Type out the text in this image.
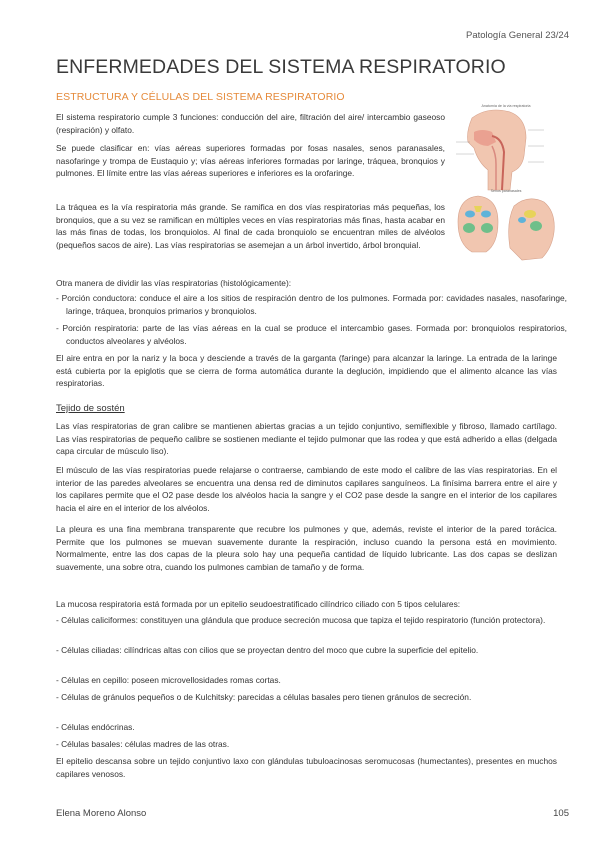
Patología General 23/24
ENFERMEDADES DEL SISTEMA RESPIRATORIO
ESTRUCTURA Y CÉLULAS DEL SISTEMA RESPIRATORIO
El sistema respiratorio cumple 3 funciones: conducción del aire, filtración del aire/ intercambio gaseoso (respiración) y olfato.
Se puede clasificar en: vías aéreas superiores formadas por fosas nasales, senos paranasales, nasofaringe y trompa de Eustaquio y; vías aéreas inferiores formadas por laringe, tráquea, bronquios y pulmones. El límite entre las vías aéreas superiores e inferiores es la orofaringe.
La tráquea es la vía respiratoria más grande. Se ramifica en dos vías respiratorias más pequeñas, los bronquios, que a su vez se ramifican en múltiples veces en vías respiratorias más finas, hasta acabar en las más finas de todas, los bronquiolos. Al final de cada bronquiolo se encuentran miles de alvéolos (pequeños sacos de aire). Las vías respiratorias se asemejan a un árbol invertido, árbol bronquial.
Otra manera de dividir las vías respiratorias (histológicamente):
- Porción conductora: conduce el aire a los sitios de respiración dentro de los pulmones. Formada por: cavidades nasales, nasofaringe, laringe, tráquea, bronquios primarios y bronquiolos.
- Porción respiratoria: parte de las vías aéreas en la cual se produce el intercambio gases. Formada por: bronquiolos respiratorios, conductos alveolares y alvéolos.
El aire entra en por la nariz y la boca y desciende a través de la garganta (faringe) para alcanzar la laringe. La entrada de la laringe está cubierta por la epiglotis que se cierra de forma automática durante la deglución, impidiendo que el alimento alcance las vías respiratorias.
Tejido de sostén
Las vías respiratorias de gran calibre se mantienen abiertas gracias a un tejido conjuntivo, semiflexible y fibroso, llamado cartílago. Las vías respiratorias de pequeño calibre se sostienen mediante el tejido pulmonar que las rodea y que está adherido a ellas (delgada capa circular de músculo liso).
El músculo de las vías respiratorias puede relajarse o contraerse, cambiando de este modo el calibre de las vías respiratorias. En el interior de las paredes alveolares se encuentra una densa red de diminutos capilares sanguíneos. La finísima barrera entre el aire y los capilares permite que el O2 pase desde los alvéolos hacia la sangre y el CO2 pase desde la sangre en el interior de los capilares hacia el aire en el interior de los alvéolos.
La pleura es una fina membrana transparente que recubre los pulmones y que, además, reviste el interior de la pared torácica. Permite que los pulmones se muevan suavemente durante la respiración, incluso cuando la persona está en movimiento. Normalmente, entre las dos capas de la pleura solo hay una pequeña cantidad de líquido lubricante. Las dos capas se deslizan suavemente, una sobre otra, cuando los pulmones cambian de tamaño y de forma.
La mucosa respiratoria está formada por un epitelio seudoestratificado cilíndrico ciliado con 5 tipos celulares:
- Células caliciformes: constituyen una glándula que produce secreción mucosa que tapiza el tejido respiratorio (función protectora).
- Células ciliadas: cilíndricas altas con cilios que se proyectan dentro del moco que cubre la superficie del epitelio.
- Células en cepillo: poseen microvellosidades romas cortas.
- Células de gránulos pequeños o de Kulchitsky: parecidas a células basales pero tienen gránulos de secreción.
- Células endócrinas.
- Células basales: células madres de las otras.
El epitelio descansa sobre un tejido conjuntivo laxo con glándulas tubuloacinosas seromucosas (humectantes), presentes en muchos capilares venosos.
Anatomía de la vía respiratoria
Senos paranasales
Elena Moreno Alonso	105
